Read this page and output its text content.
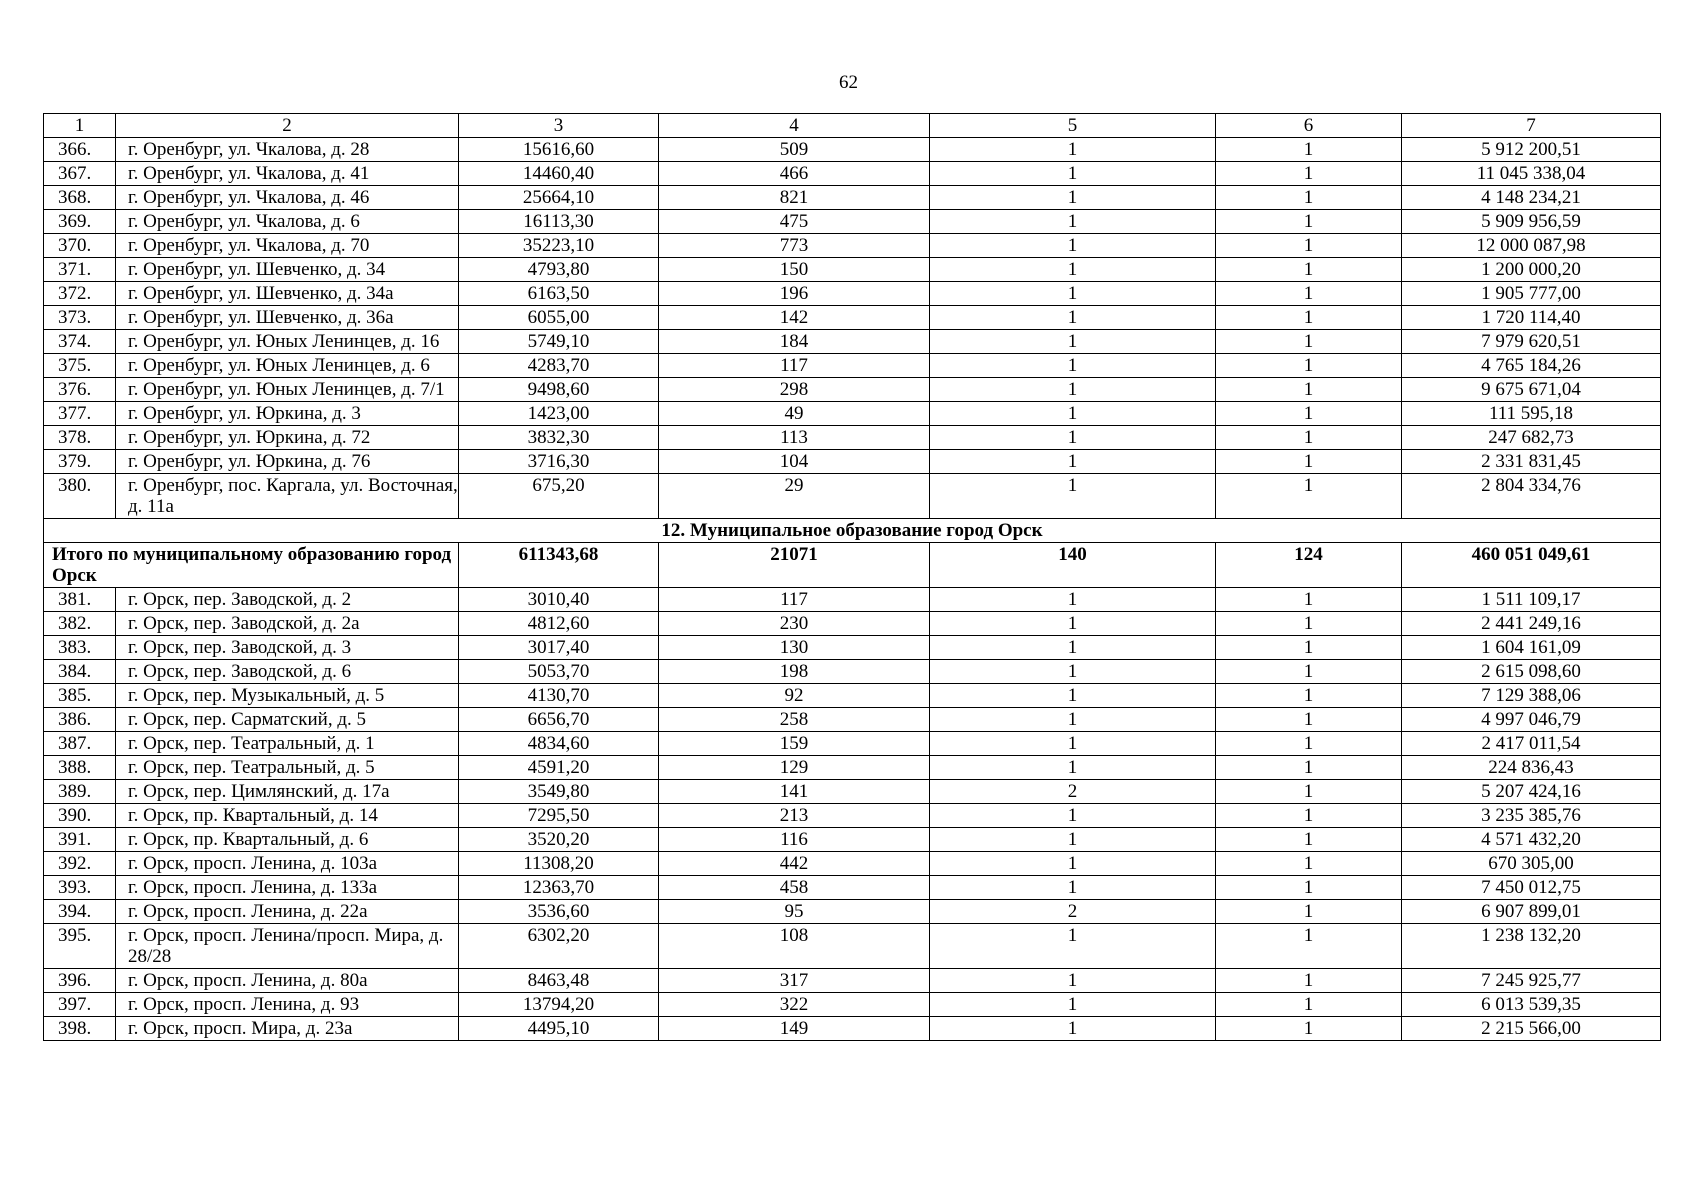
62
1	2	3	4	5	6	7
366.	г. Оренбург, ул. Чкалова, д. 28	15616,60	509	1	1	5 912 200,51
367.	г. Оренбург, ул. Чкалова, д. 41	14460,40	466	1	1	11 045 338,04
368.	г. Оренбург, ул. Чкалова, д. 46	25664,10	821	1	1	4 148 234,21
369.	г. Оренбург, ул. Чкалова, д. 6	16113,30	475	1	1	5 909 956,59
370.	г. Оренбург, ул. Чкалова, д. 70	35223,10	773	1	1	12 000 087,98
371.	г. Оренбург, ул. Шевченко, д. 34	4793,80	150	1	1	1 200 000,20
372.	г. Оренбург, ул. Шевченко, д. 34а	6163,50	196	1	1	1 905 777,00
373.	г. Оренбург, ул. Шевченко, д. 36а	6055,00	142	1	1	1 720 114,40
374.	г. Оренбург, ул. Юных Ленинцев, д. 16	5749,10	184	1	1	7 979 620,51
375.	г. Оренбург, ул. Юных Ленинцев, д. 6	4283,70	117	1	1	4 765 184,26
376.	г. Оренбург, ул. Юных Ленинцев, д. 7/1	9498,60	298	1	1	9 675 671,04
377.	г. Оренбург, ул. Юркина, д. 3	1423,00	49	1	1	111 595,18
378.	г. Оренбург, ул. Юркина, д. 72	3832,30	113	1	1	247 682,73
379.	г. Оренбург, ул. Юркина, д. 76	3716,30	104	1	1	2 331 831,45
380.	г. Оренбург, пос. Каргала, ул. Восточная, д. 11а	675,20	29	1	1	2 804 334,76
12. Муниципальное образование город Орск						
Итого по муниципальному образованию город Орск		611343,68	21071	140	124	460 051 049,61
381.	г. Орск, пер. Заводской, д. 2	3010,40	117	1	1	1 511 109,17
382.	г. Орск, пер. Заводской, д. 2а	4812,60	230	1	1	2 441 249,16
383.	г. Орск, пер. Заводской, д. 3	3017,40	130	1	1	1 604 161,09
384.	г. Орск, пер. Заводской, д. 6	5053,70	198	1	1	2 615 098,60
385.	г. Орск, пер. Музыкальный, д. 5	4130,70	92	1	1	7 129 388,06
386.	г. Орск, пер. Сарматский, д. 5	6656,70	258	1	1	4 997 046,79
387.	г. Орск, пер. Театральный, д. 1	4834,60	159	1	1	2 417 011,54
388.	г. Орск, пер. Театральный, д. 5	4591,20	129	1	1	224 836,43
389.	г. Орск, пер. Цимлянский, д. 17а	3549,80	141	2	1	5 207 424,16
390.	г. Орск, пр. Квартальный, д. 14	7295,50	213	1	1	3 235 385,76
391.	г. Орск, пр. Квартальный, д. 6	3520,20	116	1	1	4 571 432,20
392.	г. Орск, просп. Ленина, д. 103а	11308,20	442	1	1	670 305,00
393.	г. Орск, просп. Ленина, д. 133а	12363,70	458	1	1	7 450 012,75
394.	г. Орск, просп. Ленина, д. 22а	3536,60	95	2	1	6 907 899,01
395.	г. Орск, просп. Ленина/просп. Мира, д. 28/28	6302,20	108	1	1	1 238 132,20
396.	г. Орск, просп. Ленина, д. 80а	8463,48	317	1	1	7 245 925,77
397.	г. Орск, просп. Ленина, д. 93	13794,20	322	1	1	6 013 539,35
398.	г. Орск, просп. Мира, д. 23а	4495,10	149	1	1	2 215 566,00
